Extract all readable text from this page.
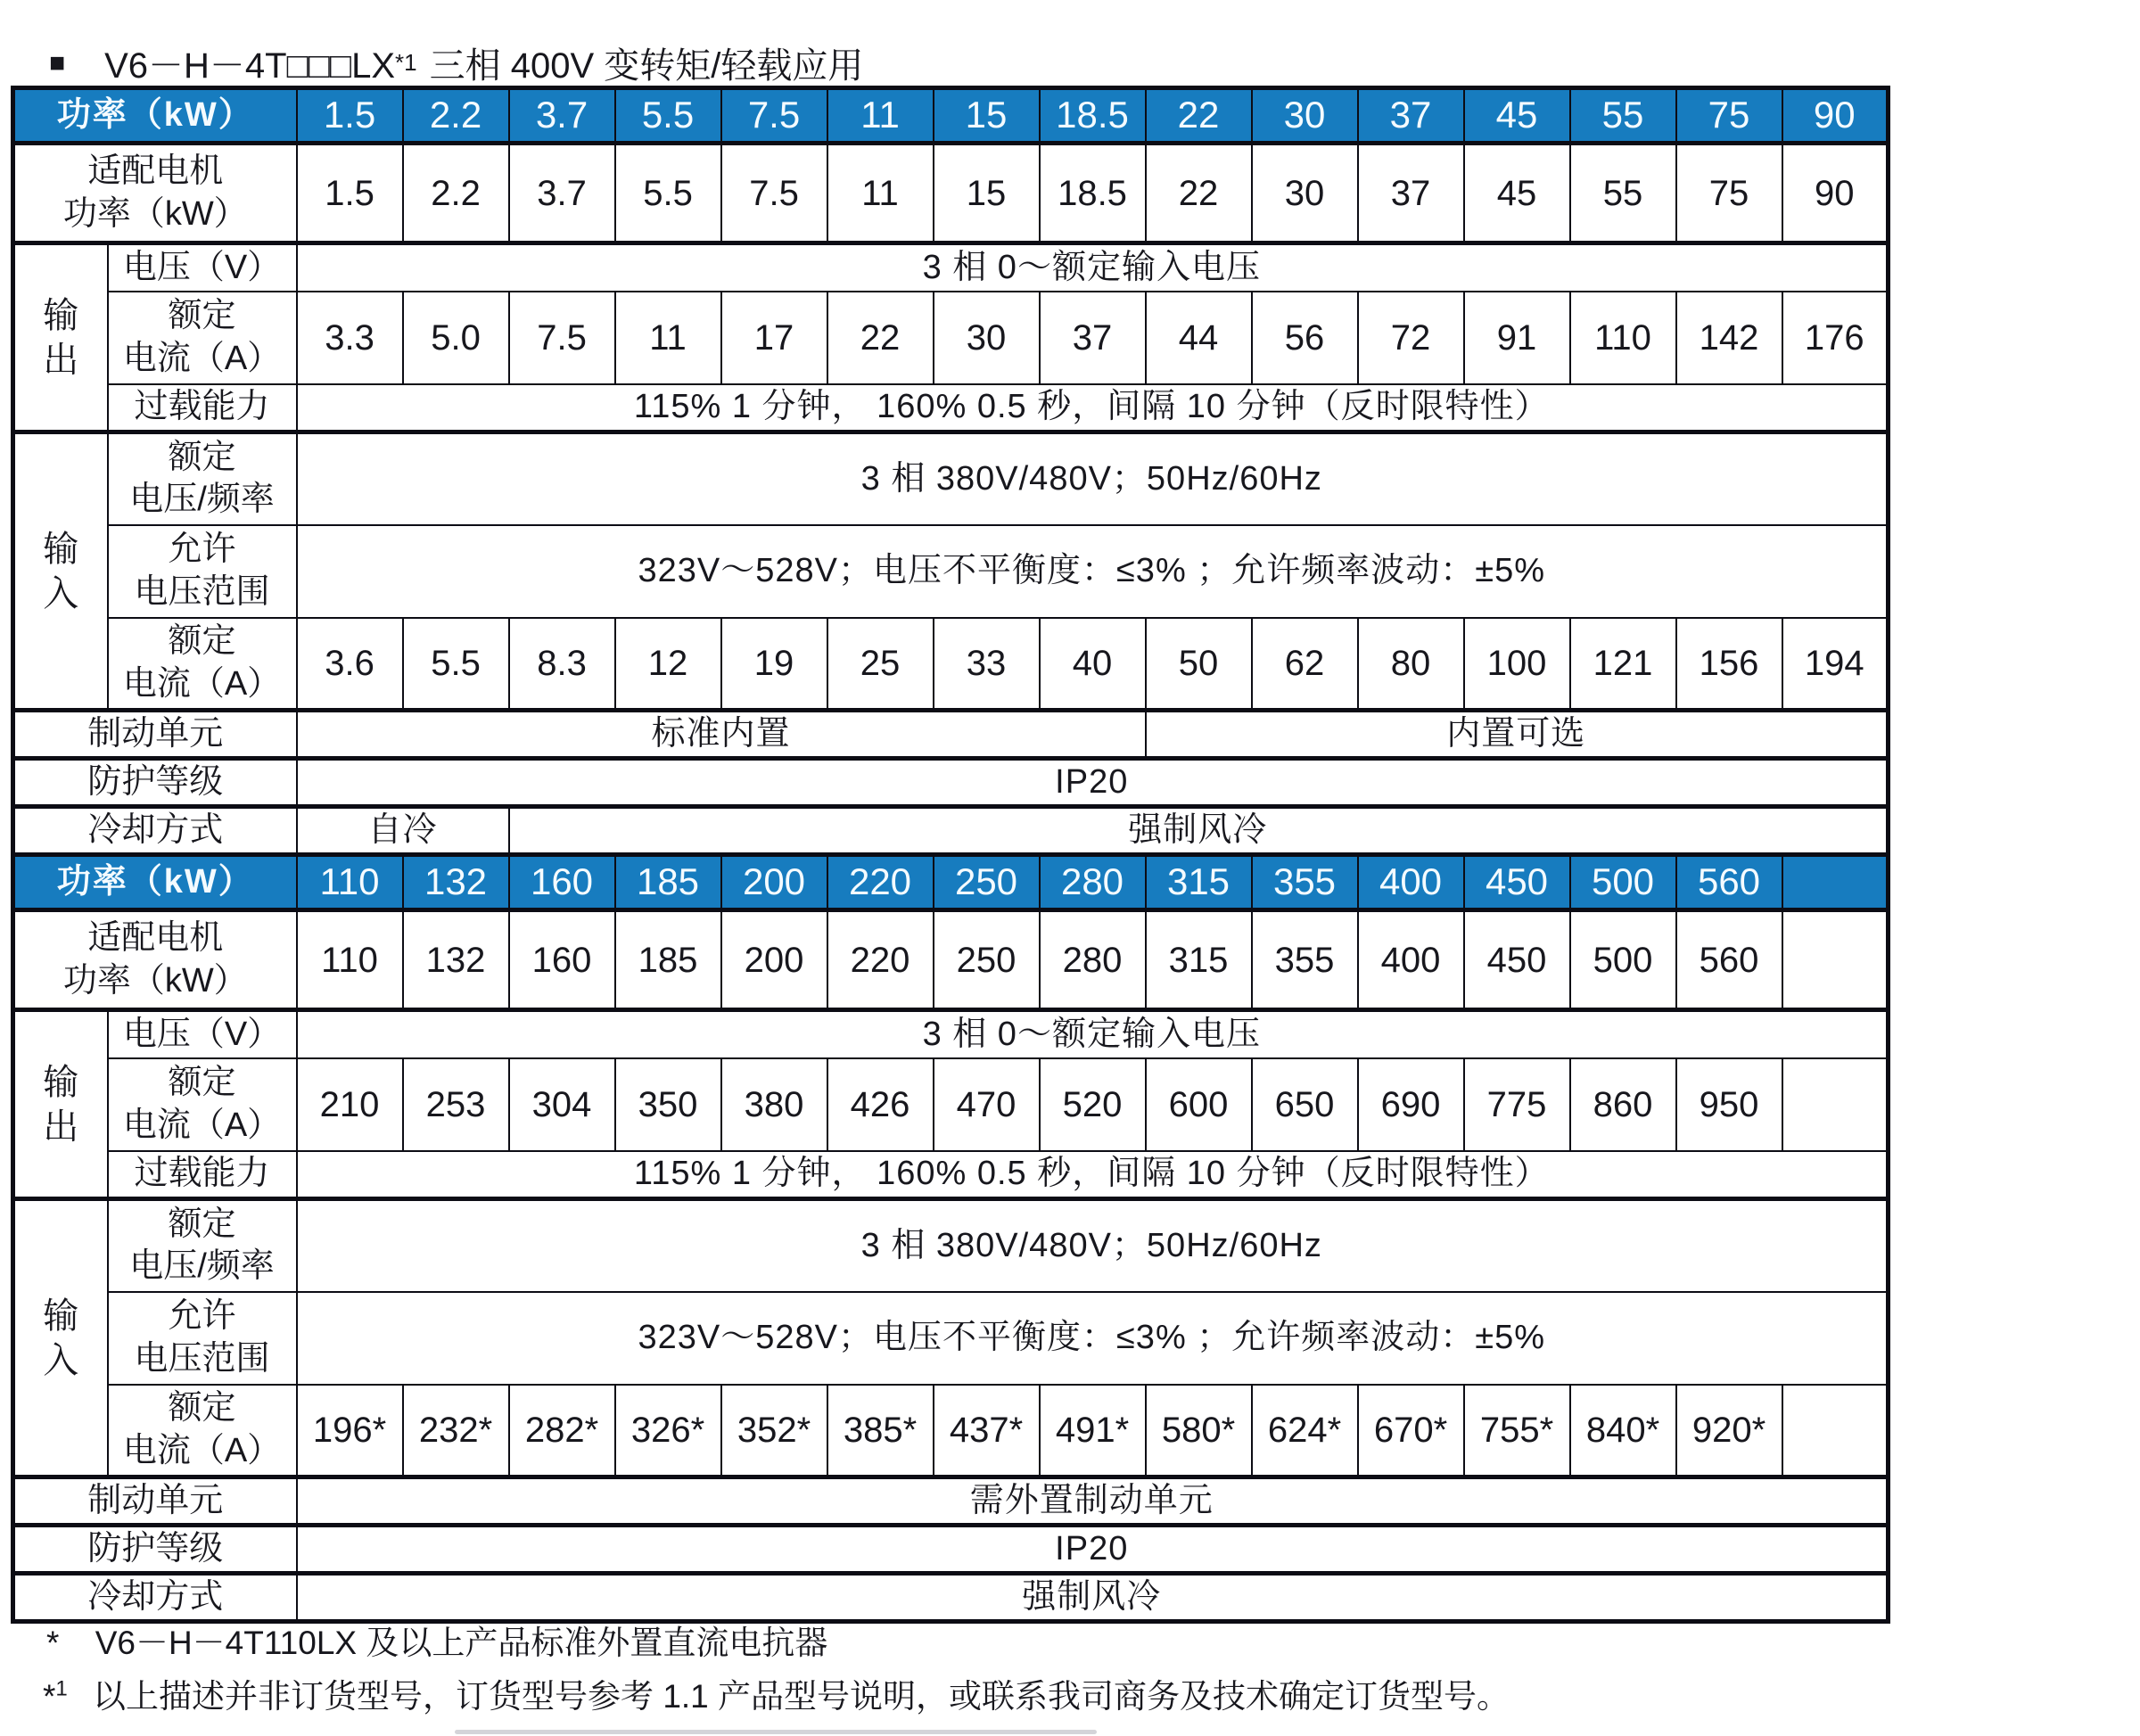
■ V6－H－4T□□□LX *1 三相 400V 变转矩/轻载应用
功率（kW）		1.5	2.2	3.7	5.5	7.5	11	15	18.5	22	30	37	45	55	75	90
适配电机
功率（kW）		1.5	2.2	3.7	5.5	7.5	11	15	18.5	22	30	37	45	55	75	90
输
出	电压（V）	3 相 0～额定输入电压														
	额定
电流（A）	3.3	5.0	7.5	11	17	22	30	37	44	56	72	91	110	142	176
	过载能力	115% 1 分钟， 160% 0.5 秒，间隔 10 分钟（反时限特性）														
输
入	额定
电压/频率	3 相 380V/480V；50Hz/60Hz														
	允许
电压范围	323V～528V；电压不平衡度：≤3% ；允许频率波动：±5%														
	额定
电流（A）	3.6	5.5	8.3	12	19	25	33	40	50	62	80	100	121	156	194
制动单元		标准内置								内置可选						
防护等级		IP20														
冷却方式		自冷		强制风冷												
功率（kW）		110	132	160	185	200	220	250	280	315	355	400	450	500	560	
适配电机
功率（kW）		110	132	160	185	200	220	250	280	315	355	400	450	500	560	
输
出	电压（V）	3 相 0～额定输入电压														
	额定
电流（A）	210	253	304	350	380	426	470	520	600	650	690	775	860	950	
	过载能力	115% 1 分钟， 160% 0.5 秒，间隔 10 分钟（反时限特性）														
输
入	额定
电压/频率	3 相 380V/480V；50Hz/60Hz														
	允许
电压范围	323V～528V；电压不平衡度：≤3% ；允许频率波动：±5%														
	额定
电流（A）	196*	232*	282*	326*	352*	385*	437*	491*	580*	624*	670*	755*	840*	920*	
制动单元		需外置制动单元														
防护等级		IP20														
冷却方式		强制风冷														
* V6－H－4T110LX 及以上产品标准外置直流电抗器
*$^1$ 以上描述并非订货型号，订货型号参考 1.1 产品型号说明，或联系我司商务及技术确定订货型号。
